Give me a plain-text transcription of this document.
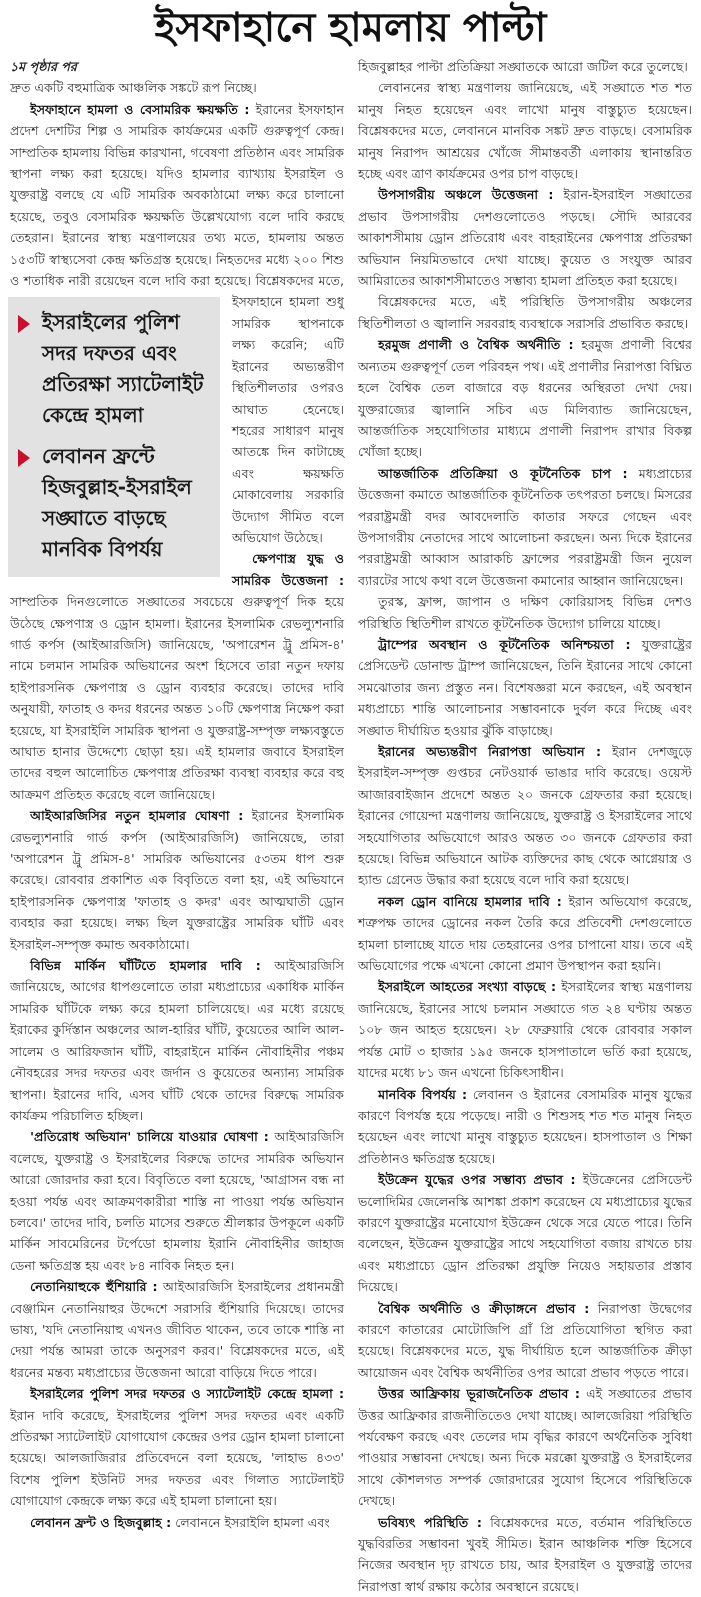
ইসফাহানে হামলায় পাল্টা
১ম পৃষ্ঠার পর

দ্রুত একটি বহুমাত্রিক আঞ্চলিক সঙ্কটে রূপ নিচ্ছে।

ইসফাহানে হামলা ও বেসামরিক ক্ষয়ক্ষতি : ইরানের ইসফাহান প্রদেশ দেশটির শিল্প ও সামরিক কার্যক্রমের একটি গুরুত্বপূর্ণ কেন্দ্র। সাম্প্রতিক হামলায় বিভিন্ন কারখানা, গবেষণা প্রতিষ্ঠান এবং সামরিক স্থাপনা লক্ষ্য করা হয়েছে। যদিও হামলার ব্যাখ্যায় ইসরাইল ও যুক্তরাষ্ট্র বলছে যে এটি সামরিক অবকাঠামো লক্ষ্য করে চালানো হয়েছে, তবুও বেসামরিক ক্ষয়ক্ষতি উল্লেখযোগ্য বলে দাবি করছে তেহরান। ইরানের স্বাস্থ্য মন্ত্রণালয়ের তথ্য মতে, হামলায় অন্তত ১৫৩টি স্বাস্থ্যসেবা কেন্দ্র ক্ষতিগ্রস্ত হয়েছে। নিহতদের মধ্যে ২০০ শিশু ও শতাধিক নারী রয়েছেন বলে দাবি করা হয়েছে। বিশ্লেষকদের
ইসরাইলের পুলিশ সদর দফতর এবং প্রতিরক্ষা স্যাটেলাইট কেন্দ্রে হামলা
লেবানন ফ্রন্টে হিজবুল্লাহ-ইসরাইল সঙ্ঘাতে বাড়ছে মানবিক বিপর্যয়
মতে, ইসফাহানে হামলা শুধু সামরিক স্থাপনাকে লক্ষ্য করেনি; এটি ইরানের অভ্যন্তরীণ স্থিতিশীলতার ওপরও আঘাত হেনেছে। শহরের সাধারণ মানুষ আতঙ্কে দিন কাটাচ্ছে এবং ক্ষয়ক্ষতি মোকাবেলায় সরকারি উদ্যোগ সীমিত বলে অভিযোগ উঠেছে।

ক্ষেপণাস্ত্র যুদ্ধ ও সামরিক উত্তেজনা : সাম্প্রতিক দিনগুলোতে সঙ্ঘাতের সবচেয়ে গুরুত্বপূর্ণ দিক হয়ে উঠেছে ক্ষেপণাস্ত্র ও ড্রোন হামলা। ইরানের ইসলামিক রেভল্যুশনারি গার্ড কর্পস (আইআরজিসি) জানিয়েছে, 'অপারেশন ট্রু প্রমিস-৪' নামে চলমান সামরিক অভিযানের অংশ হিসেবে তারা নতুন দফায় হাইপারসনিক ক্ষেপণাস্ত্র ও ড্রোন ব্যবহার করেছে। তাদের দাবি অনুযায়ী, ফাতাহ ও কদর ধরনের অন্তত ১০টি ক্ষেপণাস্ত্র নিক্ষেপ করা হয়েছে, যা ইসরাইলি সামরিক স্থাপনা ও যুক্তরাষ্ট্র-সম্পৃক্ত লক্ষ্যবস্তুতে আঘাত হানার উদ্দেশ্যে ছোড়া হয়। এই হামলার জবাবে ইসরাইল তাদের বহুল আলোচিত ক্ষেপণাস্ত্র প্রতিরক্ষা ব্যবস্থা ব্যবহার করে বহু আক্রমণ প্রতিহত করেছে বলে জানিয়েছে।

আইআরজিসির নতুন হামলার ঘোষণা : ইরানের ইসলামিক রেভল্যুশনারি গার্ড কর্পস (আইআরজিসি) জানিয়েছে, তারা 'অপারেশন ট্রু প্রমিস-৪' সামরিক অভিযানের ৫৩তম ধাপ শুরু করেছে। রোববার প্রকাশিত এক বিবৃতিতে বলা হয়, এই অভিযানে হাইপারসনিক ক্ষেপণাস্ত্র 'ফাতাহ ও কদর' এবং আত্মঘাতী ড্রোন ব্যবহার করা হয়েছে। লক্ষ্য ছিল যুক্তরাষ্ট্রের সামরিক ঘাঁটি এবং ইসরাইল-সম্পৃক্ত কমান্ড অবকাঠামো।

বিভিন্ন মার্কিন ঘাঁটিতে হামলার দাবি : আইআরজিসি জানিয়েছে, আগের ধাপগুলোতে তারা মধ্যপ্রাচ্যের একাধিক মার্কিন সামরিক ঘাঁটিকে লক্ষ্য করে হামলা চালিয়েছে। এর মধ্যে রয়েছে ইরাকের কুর্দিস্তান অঞ্চলের আল-হারির ঘাঁটি, কুয়েতের আলি আল-সালেম ও আরিফজান ঘাঁটি, বাহরাইনে মার্কিন নৌবাহিনীর পঞ্চম নৌবহরের সদর দফতর এবং জর্দান ও কুয়েতের অন্যান্য সামরিক স্থাপনা। ইরানের দাবি, এসব ঘাঁটি থেকে তাদের বিরুদ্ধে সামরিক কার্যক্রম পরিচালিত হচ্ছিল।

'প্রতিরোধ অভিযান' চালিয়ে যাওয়ার ঘোষণা : আইআরজিসি বলেছে, যুক্তরাষ্ট্র ও ইসরাইলের বিরুদ্ধে তাদের সামরিক অভিযান আরো জোরদার করা হবে। বিবৃতিতে বলা হয়েছে, 'আগ্রাসন বন্ধ না হওয়া পর্যন্ত এবং আক্রমণকারীরা শাস্তি না পাওয়া পর্যন্ত অভিযান চলবে।' তাদের দাবি, চলতি মাসের শুরুতে শ্রীলঙ্কার উপকূলে একটি মার্কিন সাবমেরিনের টর্পেডো হামলায় ইরানি নৌবাহিনীর জাহাজ ডেনা ক্ষতিগ্রস্ত হয় এবং ৮৪ নাবিক নিহত হন।

নেতানিয়াহুকে হুঁশিয়ারি : আইআরজিসি ইসরাইলের প্রধানমন্ত্রী বেঞ্জামিন নেতানিয়াহুর উদ্দেশে সরাসরি হুঁশিয়ারি দিয়েছে। তাদের ভাষ্য, 'যদি নেতানিয়াহু এখনও জীবিত থাকেন, তবে তাকে শাস্তি না দেয়া পর্যন্ত আমরা তাকে অনুসরণ করব।' বিশ্লেষকদের মতে, এই ধরনের মন্তব্য মধ্যপ্রাচ্যের উত্তেজনা আরো বাড়িয়ে দিতে পারে।

ইসরাইলের পুলিশ সদর দফতর ও স্যাটেলাইট কেন্দ্রে হামলা : ইরান দাবি করেছে, ইসরাইলের পুলিশ সদর দফতর এবং একটি প্রতিরক্ষা স্যাটেলাইট যোগাযোগ কেন্দ্রের ওপর ড্রোন হামলা চালানো হয়েছে। আলজাজিরার প্রতিবেদনে বলা হয়েছে, 'লাহাভ ৪৩৩' বিশেষ পুলিশ ইউনিট সদর দফতর এবং গিলাত স্যাটেলাইট যোগাযোগ কেন্দ্রকে লক্ষ্য করে এই হামলা চালানো হয়।

লেবানন ফ্রন্ট ও হিজবুল্লাহ : লেবাননে ইসরাইলি হামলা এবং

হিজবুল্লাহর পাল্টা প্রতিক্রিয়া সঙ্ঘাতকে আরো জটিল করে তুলেছে।

লেবাননের স্বাস্থ্য মন্ত্রণালয় জানিয়েছে, এই সঙ্ঘাতে শত শত মানুষ নিহত হয়েছেন এবং লাখো মানুষ বাস্তুচ্যুত হয়েছেন। বিশ্লেষকদের মতে, লেবাননে মানবিক সঙ্কট দ্রুত বাড়ছে। বেসামরিক মানুষ নিরাপদ আশ্রয়ের খোঁজে সীমান্তবর্তী এলাকায় স্থানান্তরিত হচ্ছে এবং ত্রাণ কার্যক্রমের ওপর চাপ বাড়ছে।

উপসাগরীয় অঞ্চলে উত্তেজনা : ইরান-ইসরাইল সঙ্ঘাতের প্রভাব উপসাগরীয় দেশগুলোতেও পড়ছে। সৌদি আরবের আকাশসীমায় ড্রোন প্রতিরোধ এবং বাহরাইনের ক্ষেপণাস্ত্র প্রতিরক্ষা অভিযান নিয়মিতভাবে দেখা যাচ্ছে। কুয়েত ও সংযুক্ত আরব আমিরাতের আকাশসীমাতেও সম্ভাব্য হামলা প্রতিহত করা হয়েছে।

বিশ্লেষকদের মতে, এই পরিস্থিতি উপসাগরীয় অঞ্চলের স্থিতিশীলতা ও জ্বালানি সরবরাহ ব্যবস্থাকে সরাসরি প্রভাবিত করছে।

হরমুজ প্রণালী ও বৈশ্বিক অর্থনীতি : হরমুজ প্রণালী বিশ্বের অন্যতম গুরুত্বপূর্ণ তেল পরিবহন পথ। এই প্রণালীর নিরাপত্তা বিঘ্নিত হলে বৈশ্বিক তেল বাজারে বড় ধরনের অস্থিরতা দেখা দেয়। যুক্তরাজ্যের জ্বালানি সচিব এড মিলিব্যান্ড জানিয়েছেন, আন্তর্জাতিক সহযোগিতার মাধ্যমে প্রণালী নিরাপদ রাখার বিকল্প খোঁজা হচ্ছে।

আন্তর্জাতিক প্রতিক্রিয়া ও কূটনৈতিক চাপ : মধ্যপ্রাচ্যের উত্তেজনা কমাতে আন্তর্জাতিক কূটনৈতিক তৎপরতা চলছে। মিসরের পররাষ্ট্রমন্ত্রী বদর আবদেলাতি কাতার সফরে গেছেন এবং উপসাগরীয় নেতাদের সাথে আলোচনা করছেন। অন্য দিকে ইরানের পররাষ্ট্রমন্ত্রী আব্বাস আরাকচি ফ্রান্সের পররাষ্ট্রমন্ত্রী জিন নুয়েল ব্যারটের সাথে কথা বলে উত্তেজনা কমানোর আহ্বান জানিয়েছেন।

তুরস্ক, ফ্রান্স, জাপান ও দক্ষিণ কোরিয়াসহ বিভিন্ন দেশও পরিস্থিতি স্থিতিশীল রাখতে কূটনৈতিক উদ্যোগ চালিয়ে যাচ্ছে।

ট্রাম্পের অবস্থান ও কূটনৈতিক অনিশ্চয়তা : যুক্তরাষ্ট্রের প্রেসিডেন্ট ডোনাল্ড ট্রাম্প জানিয়েছেন, তিনি ইরানের সাথে কোনো সমঝোতার জন্য প্রস্তুত নন। বিশেষজ্ঞরা মনে করছেন, এই অবস্থান মধ্যপ্রাচ্যে শান্তি আলোচনার সম্ভাবনাকে দুর্বল করে দিচ্ছে এবং সঙ্ঘাত দীর্ঘায়িত হওয়ার ঝুঁকি বাড়াচ্ছে।

ইরানের অভ্যন্তরীণ নিরাপত্তা অভিযান : ইরান দেশজুড়ে ইসরাইল-সম্পৃক্ত গুপ্তচর নেটওয়ার্ক ভাঙার দাবি করেছে। ওয়েস্ট আজারবাইজান প্রদেশে অন্তত ২০ জনকে গ্রেফতার করা হয়েছে। ইরানের গোয়েন্দা মন্ত্রণালয় জানিয়েছে, যুক্তরাষ্ট্র ও ইসরাইলের সাথে সহযোগিতার অভিযোগে আরও অন্তত ৩০ জনকে গ্রেফতার করা হয়েছে। বিভিন্ন অভিযানে আটক ব্যক্তিদের কাছ থেকে আগ্নেয়াস্ত্র ও হ্যান্ড গ্রেনেড উদ্ধার করা হয়েছে বলে দাবি করা হয়েছে।

নকল ড্রোন বানিয়ে হামলার দাবি : ইরান অভিযোগ করেছে, শত্রুপক্ষ তাদের ড্রোনের নকল তৈরি করে প্রতিবেশী দেশগুলোতে হামলা চালাচ্ছে যাতে দায় তেহরানের ওপর চাপানো যায়। তবে এই অভিযোগের পক্ষে এখনো কোনো প্রমাণ উপস্থাপন করা হয়নি।

ইসরাইলে আহতের সংখ্যা বাড়ছে : ইসরাইলের স্বাস্থ্য মন্ত্রণালয় জানিয়েছে, ইরানের সাথে চলমান সঙ্ঘাতে গত ২৪ ঘণ্টায় অন্তত ১০৮ জন আহত হয়েছেন। ২৮ ফেব্রুয়ারি থেকে রোববার সকাল পর্যন্ত মোট ৩ হাজার ১৯৫ জনকে হাসপাতালে ভর্তি করা হয়েছে, যাদের মধ্যে ৮১ জন এখনো চিকিৎসাধীন।

মানবিক বিপর্যয় : লেবানন ও ইরানের বেসামরিক মানুষ যুদ্ধের কারণে বিপর্যস্ত হয়ে পড়েছে। নারী ও শিশুসহ শত শত মানুষ নিহত হয়েছেন এবং লাখো মানুষ বাস্তুচ্যুত হয়েছেন। হাসপাতাল ও শিক্ষা প্রতিষ্ঠানও ক্ষতিগ্রস্ত হয়েছে।

ইউক্রেন যুদ্ধের ওপর সম্ভাব্য প্রভাব : ইউক্রেনের প্রেসিডেন্ট ভলোদিমির জেলেনস্কি আশঙ্কা প্রকাশ করেছেন যে মধ্যপ্রাচ্যের যুদ্ধের কারণে যুক্তরাষ্ট্রের মনোযোগ ইউক্রেন থেকে সরে যেতে পারে। তিনি বলেছেন, ইউক্রেন যুক্তরাষ্ট্রের সাথে সহযোগিতা বজায় রাখতে চায় এবং মধ্যপ্রাচ্যে ড্রোন প্রতিরক্ষা প্রযুক্তি নিয়েও সহায়তার প্রস্তাব দিয়েছে।

বৈশ্বিক অর্থনীতি ও ক্রীড়াঙ্গনে প্রভাব : নিরাপত্তা উদ্বেগের কারণে কাতারের মোটোজিপি গ্রাঁ প্রি প্রতিযোগিতা স্থগিত করা হয়েছে। বিশ্লেষকদের মতে, যুদ্ধ দীর্ঘায়িত হলে আন্তর্জাতিক ক্রীড়া আয়োজন এবং বৈশ্বিক অর্থনীতির ওপর আরো প্রভাব পড়তে পারে।

উত্তর আফ্রিকায় ভূরাজনৈতিক প্রভাব : এই সঙ্ঘাতের প্রভাব উত্তর আফ্রিকার রাজনীতিতেও দেখা যাচ্ছে। আলজেরিয়া পরিস্থিতি পর্যবেক্ষণ করছে এবং তেলের দাম বৃদ্ধির কারণে অর্থনৈতিক সুবিধা পাওয়ার সম্ভাবনা দেখছে। অন্য দিকে মরক্কো যুক্তরাষ্ট্র ও ইসরাইলের সাথে কৌশলগত সম্পর্ক জোরদারের সুযোগ হিসেবে পরিস্থিতিকে দেখছে।

ভবিষ্যৎ পরিস্থিতি : বিশ্লেষকদের মতে, বর্তমান পরিস্থিতিতে যুদ্ধবিরতির সম্ভাবনা খুবই সীমিত। ইরান আঞ্চলিক শক্তি হিসেবে নিজের অবস্থান দৃঢ় রাখতে চায়, আর ইসরাইল ও যুক্তরাষ্ট্র তাদের নিরাপত্তা স্বার্থ রক্ষায় কঠোর অবস্থানে রয়েছে।
